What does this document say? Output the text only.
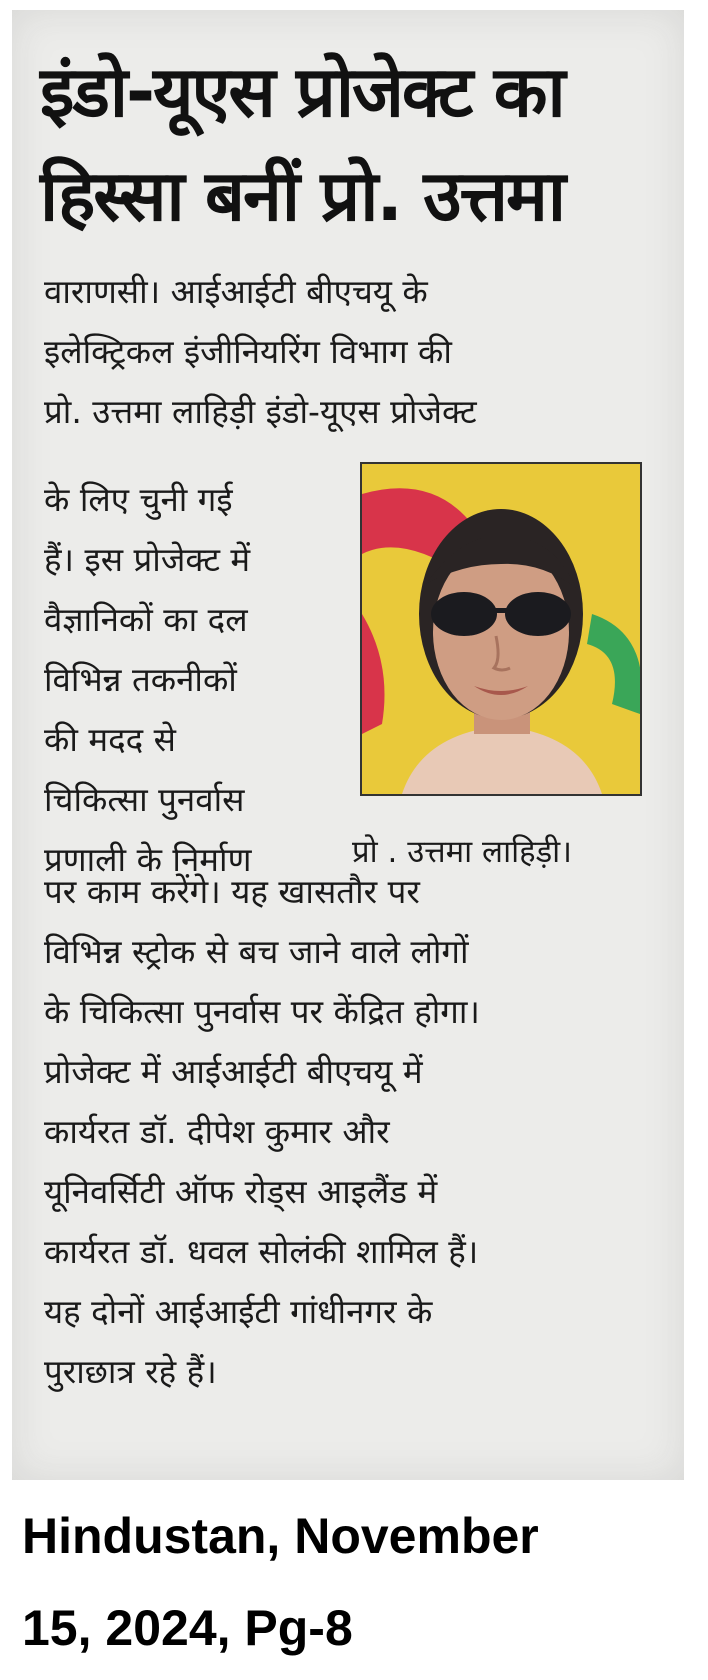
इंडो-यूएस प्रोजेक्ट का
हिस्सा बनीं प्रो. उत्तमा
वाराणसी। आईआईटी बीएचयू के
इलेक्ट्रिकल इंजीनियरिंग विभाग की
प्रो. उत्तमा लाहिड़ी इंडो-यूएस प्रोजेक्ट
के लिए चुनी गई
हैं। इस प्रोजेक्ट में
वैज्ञानिकों का दल
विभिन्न तकनीकों
की मदद से
चिकित्सा पुनर्वास
प्रणाली के निर्माण	प्रो . उत्तमा लाहिड़ी।
पर काम करेंगे। यह खासतौर पर
विभिन्न स्ट्रोक से बच जाने वाले लोगों
के चिकित्सा पुनर्वास पर केंद्रित होगा।
प्रोजेक्ट में आईआईटी बीएचयू में
कार्यरत डॉ. दीपेश कुमार और
यूनिवर्सिटी ऑफ रोड्स आइलैंड में
कार्यरत डॉ. धवल सोलंकी शामिल हैं।
यह दोनों आईआईटी गांधीनगर के
पुराछात्र रहे हैं।
Hindustan, November
15, 2024, Pg-8
